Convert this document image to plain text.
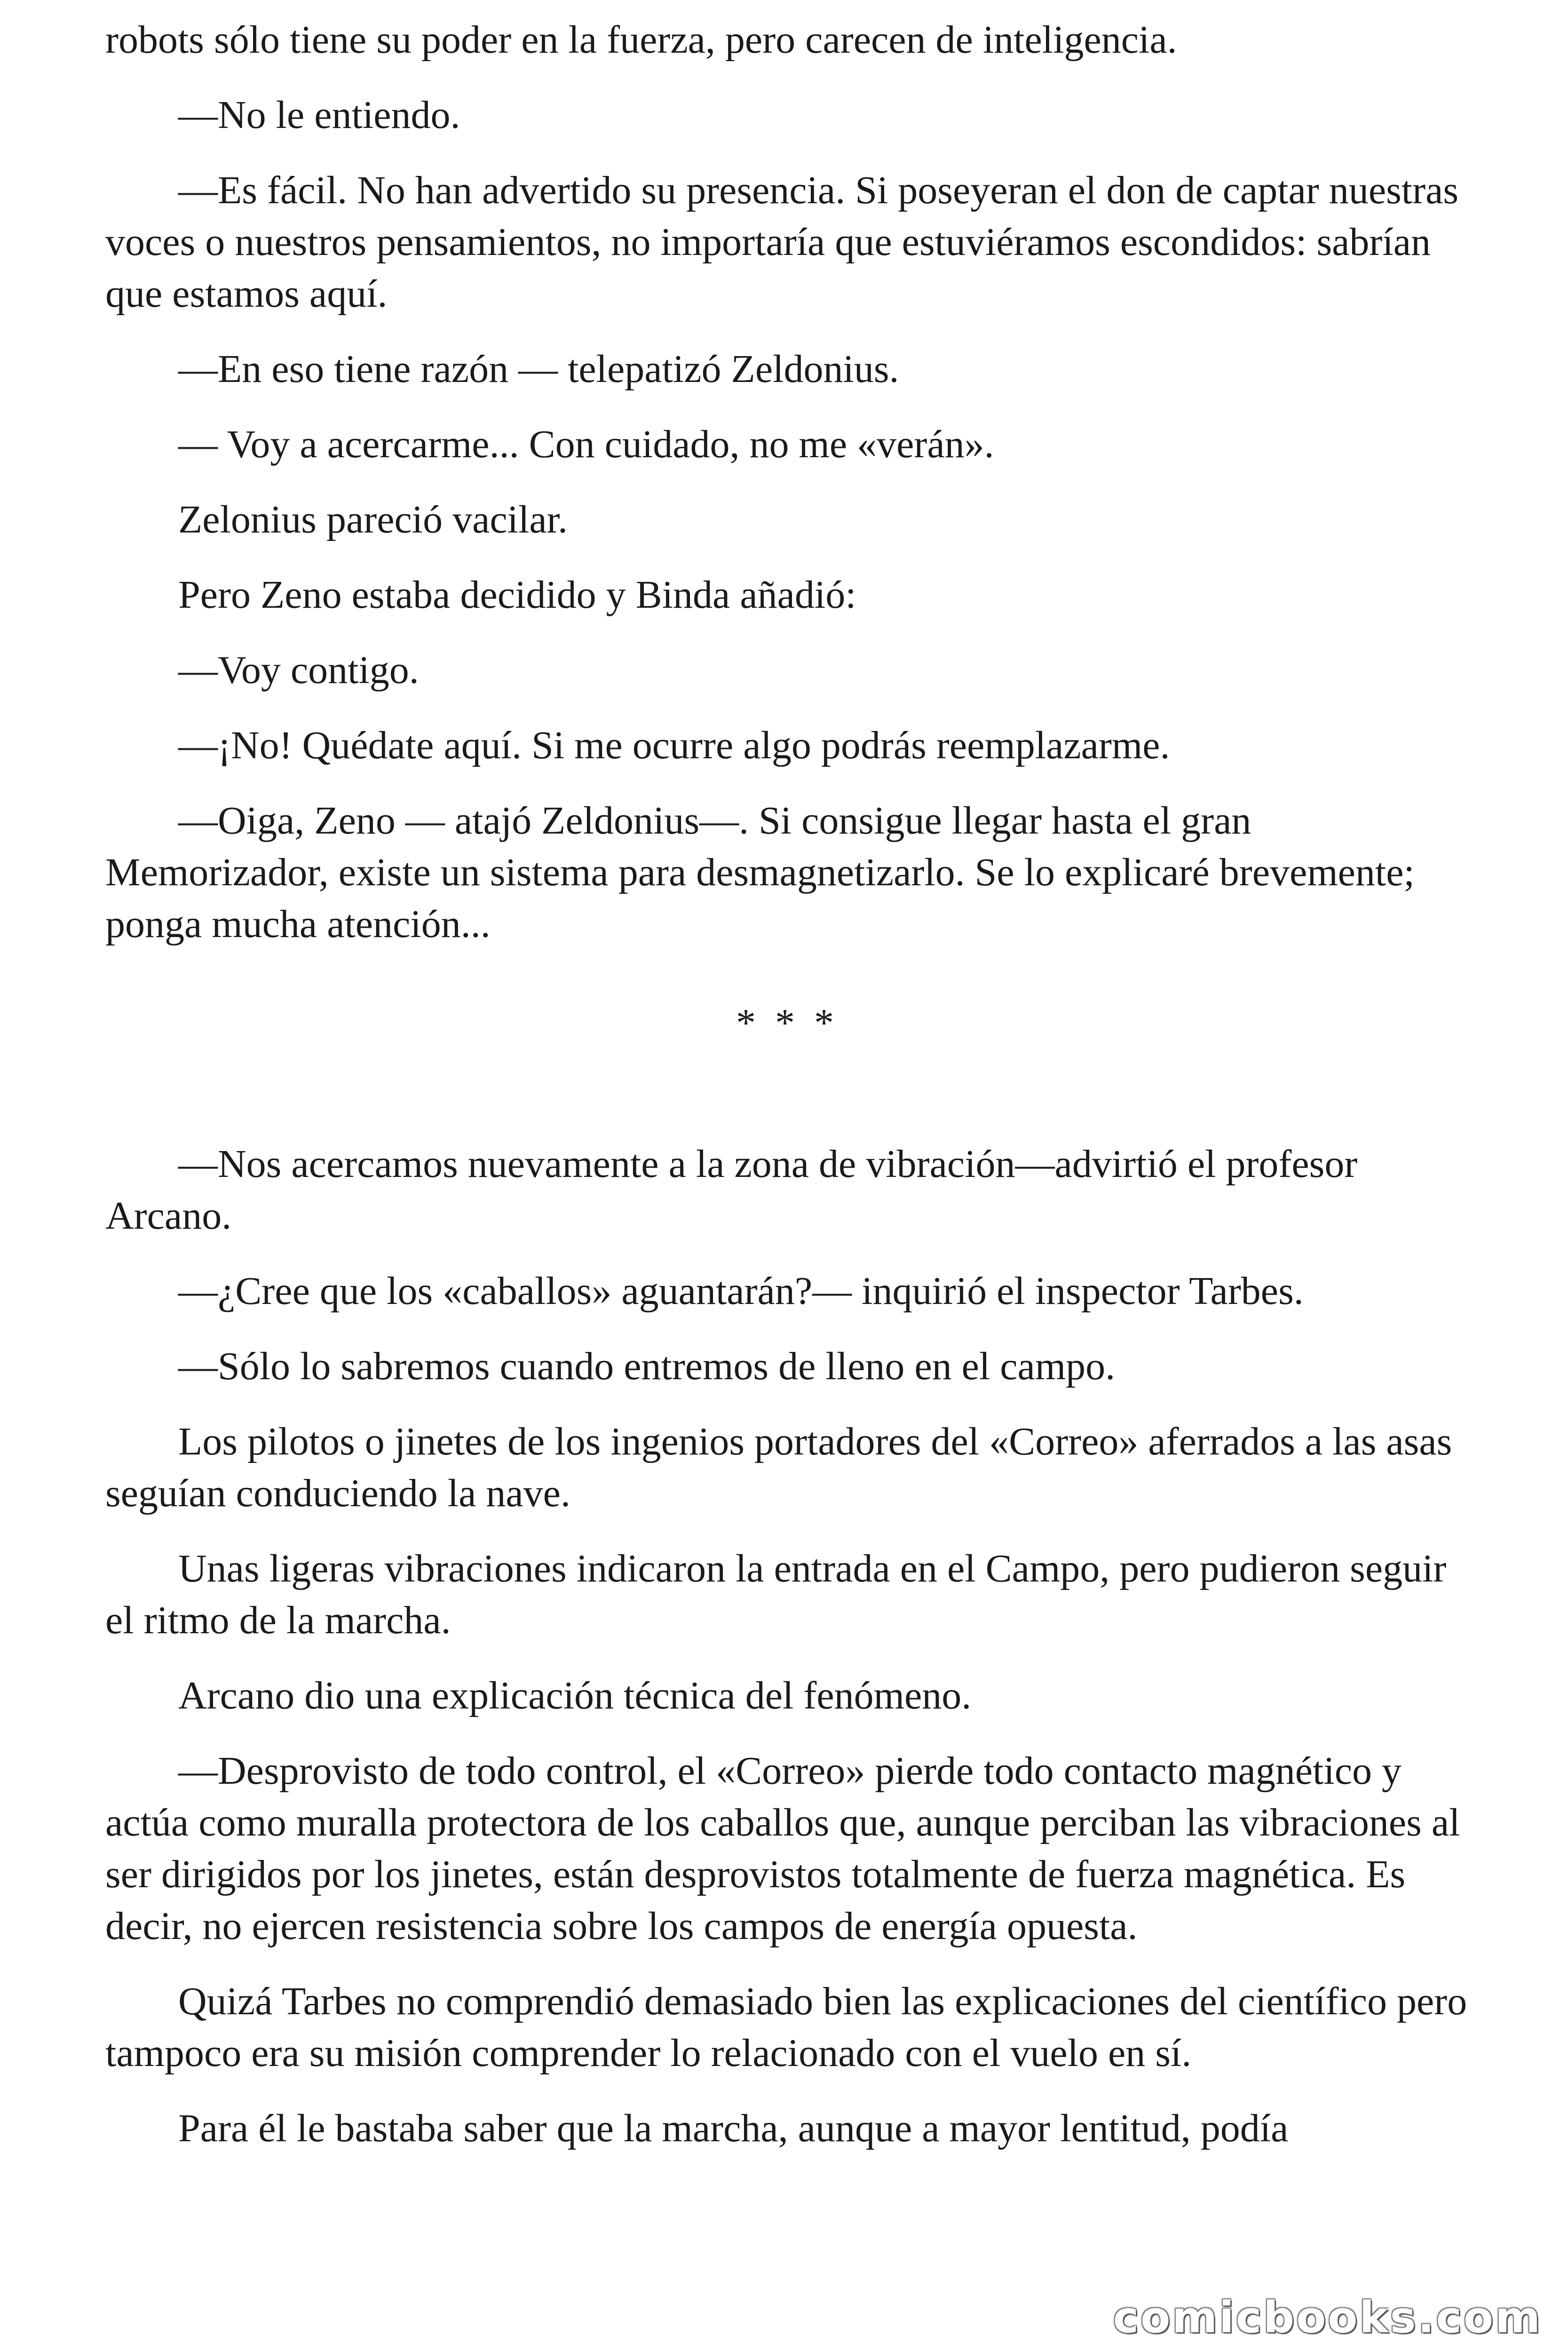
robots sólo tiene su poder en la fuerza, pero carecen de inteligencia.

—No le entiendo.

—Es fácil. No han advertido su presencia. Si poseyeran el don de captar nuestras voces o nuestros pensamientos, no importaría que estuviéramos escondidos: sabrían que estamos aquí.

—En eso tiene razón — telepatizó Zeldonius.

— Voy a acercarme... Con cuidado, no me «verán».

Zelonius pareció vacilar.

Pero Zeno estaba decidido y Binda añadió:

—Voy contigo.

—¡No! Quédate aquí. Si me ocurre algo podrás reemplazarme.

—Oiga, Zeno — atajó Zeldonius—. Si consigue llegar hasta el gran Memorizador, existe un sistema para desmagnetizarlo. Se lo explicaré brevemente; ponga mucha atención...

* * *

—Nos acercamos nuevamente a la zona de vibración—advirtió el profesor Arcano.

—¿Cree que los «caballos» aguantarán?— inquirió el inspector Tarbes.

—Sólo lo sabremos cuando entremos de lleno en el campo.

Los pilotos o jinetes de los ingenios portadores del «Correo» aferrados a las asas seguían conduciendo la nave.

Unas ligeras vibraciones indicaron la entrada en el Campo, pero pudieron seguir el ritmo de la marcha.

Arcano dio una explicación técnica del fenómeno.

—Desprovisto de todo control, el «Correo» pierde todo contacto magnético y actúa como muralla protectora de los caballos que, aunque perciban las vibraciones al ser dirigidos por los jinetes, están desprovistos totalmente de fuerza magnética. Es decir, no ejercen resistencia sobre los campos de energía opuesta.

Quizá Tarbes no comprendió demasiado bien las explicaciones del científico pero tampoco era su misión comprender lo relacionado con el vuelo en sí.

Para él le bastaba saber que la marcha, aunque a mayor lentitud, podía

comicbooks.com
